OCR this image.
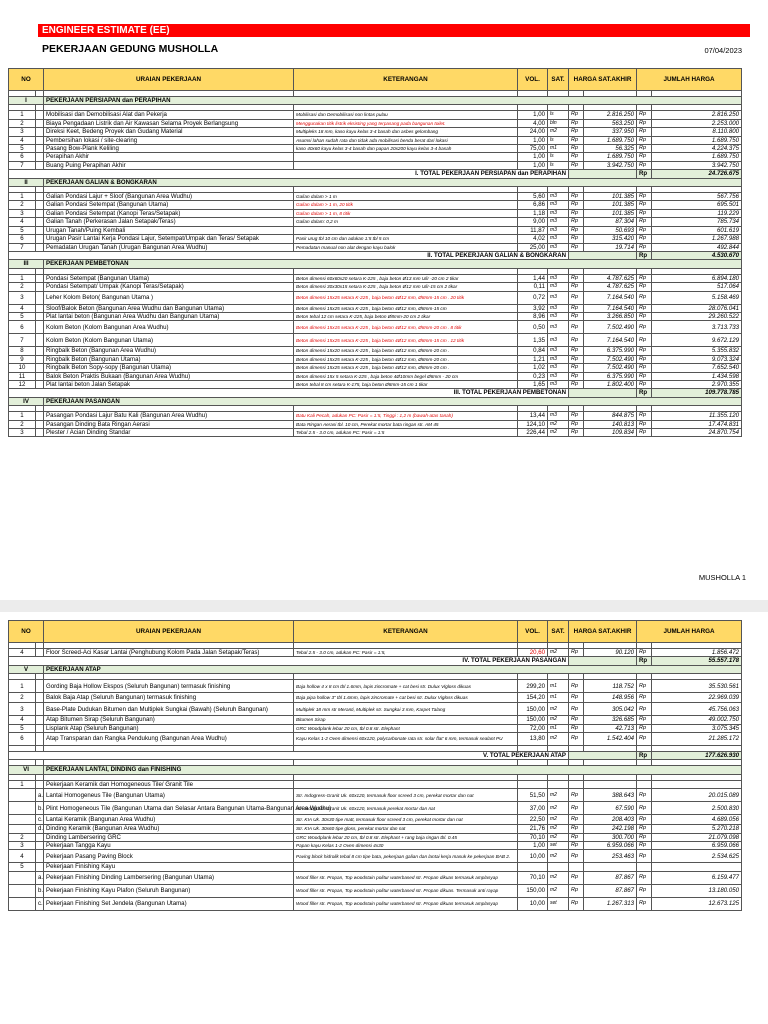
ENGINEER ESTIMATE (EE)
PEKERJAAN GEDUNG MUSHOLLA	07/04/2023
NO		URAIAN PEKERJAAN	KETERANGAN	VOL.	SAT.	HARGA SAT.AKHIR		JUMLAH HARGA	

I		PEKERJAAN PERSIAPAN dan PERAPIHAN							

1		Mobilisasi dan Demobilisasi Alat dan Pekerja	Mobilisasi dan Demobilisasi non lintas pulau	1,00	ls	Rp	2.816.250	Rp	2.816.250
2		Biaya Pengadaan Listrik dan Air Kawasan Selama Proyek Berlangsung	Menggunakan titik listrik eksisting yang terpasang pada bangunan toilet.	4,00	bln	Rp	563.250	Rp	2.253.000
3		Direksi Keet, Bedeng Proyek dan Gudang Material	Multipleks 18 mm, kaso kayu kelas 3-4 basah dan asbes gelombang	24,00	m2	Rp	337.950	Rp	8.110.800
4		Pembersihan lokasi / site-clearing	Asumsi lahan sudah rata dan tidak ada mobilisasi benda berat dari lokasi	1,00	ls	Rp	1.689.750	Rp	1.689.750
5		Pasang Bow-Plank Keliling	kaso 40x60 kayu kelas 3-4 basah dan papan 20x200 kayu kelas 3-4 basah	75,00	m1	Rp	56.325	Rp	4.224.375
6		Perapihan Akhir		1,00	ls	Rp	1.689.750	Rp	1.689.750
7		Buang Puing Perapihan Akhir		1,00	ls	Rp	3.942.750	Rp	3.942.750
I. TOTAL PEKERJAAN PERSIAPAN dan PERAPIHAN								Rp	24.726.675
II		PEKERJAAN GALIAN & BONGKARAN							

1		Galian Pondasi Lajur + Sloof (Bangunan Area Wudhu)	Galian dalam > 1 m	5,60	m3	Rp	101.385	Rp	567.756
2		Galian Pondasi Setempat (Bangunan Utama)	Galian dalam > 1 m, 20 titik	6,86	m3	Rp	101.385	Rp	695.501
3		Galian Pondasi Setempat (Kanopi Teras/Setapak)	Galian dalam > 1 m, 8 titik	1,18	m3	Rp	101.385	Rp	119.229
4		Galian Tanah (Perkerasan Jalan Setapak/Teras)	Galian dalam: 0,2 m	9,00	m3	Rp	87.304	Rp	785.734
5		Urugan Tanah/Puing Kembali		11,87	m3	Rp	50.693	Rp	601.619
6		Urugan Pasir Lantai Kerja Pondasi Lajur, Setempat/Umpak dan Teras/ Setapak	Pasir urug tbl 10 cm dan adukan 1:5 tbl 5 cm	4,02	m3	Rp	315.420	Rp	1.267.988
7		Pemadatan Urugan Tanah (Urugan Bangunan Area Wudhu)	Pemadatan manual non alat dengan kayu balok	25,00	m3	Rp	19.714	Rp	492.844
II. TOTAL PEKERJAAN GALIAN & BONGKARAN								Rp	4.530.670
III		PEKERJAAN PEMBETONAN							

1		Pondasi Setempat (Bangunan Utama)	Beton dimensi 60x60x20 setara K-225 , baja beton Ø13 mm Ulir -20 cm 2 tikar	1,44	m3	Rp	4.787.625	Rp	6.894.180
2		Pondasi Setempat/ Umpak (Kanopi Teras/Setapak)	Beton dimensi 30x30x15 setara K-225 , baja beton Ø12 mm Ulir-15 cm 2 tikar	0,11	m3	Rp	4.787.625	Rp	517.064
3		Leher Kolom Beton( Bangunan Utama )	Beton dimensi 15x25 setara K-225 , baja beton 4Ø12 mm, Ø8mm-15 cm . 20 titik	0,72	m3	Rp	7.164.540	Rp	5.158.469
4		Sloof/Balok Beton (Bangunan Area Wudhu dan Bangunan Utama)	Beton dimensi 15x25 setara K-225 , baja beton 4Ø12 mm, Ø8mm-15 cm	3,92	m3	Rp	7.164.540	Rp	28.076.041
5		Plat lantai beton (Bangunan Area Wudhu dan Bangunan Utama)	Beton tebal 12 cm setara K-225, baja beton Ø8mm-20 cm 2 tikar	8,96	m3	Rp	3.266.850	Rp	29.260.522
6		Kolom Beton (Kolom Bangunan Area Wudhu)	Beton dimensi 15x15 setara K-225 , baja beton 4Ø12 mm, Ø8mm-20 cm . 8 titik	0,50	m3	Rp	7.502.490	Rp	3.713.733
7		Kolom Beton (Kolom Bangunan Utama)	Beton dimensi 15x25 setara K-225 , baja beton 4Ø12 mm, Ø8mm-15 cm . 12 titik	1,35	m3	Rp	7.164.540	Rp	9.672.129
8		Ringbalk Beton (Bangunan Area Wudhu)	Beton dimensi 15x20 setara K-225 , baja beton 4Ø12 mm, Ø8mm-20 cm .	0,84	m3	Rp	6.375.990	Rp	5.355.832
9		Ringbalk Beton (Bangunan Utama)	Beton dimensi 15x25 setara K-225 , baja beton 4Ø12 mm, Ø8mm-20 cm .	1,21	m3	Rp	7.502.490	Rp	9.073.324
10		Ringbalk Beton Sopy-sopy (Bangunan Utama)	Beton dimensi 15x25 setara K-225 , baja beton 4Ø12 mm, Ø8mm-20 cm .	1,02	m3	Rp	7.502.490	Rp	7.652.540
11		Balok Beton Praktis Bukaan (Bangunan Area Wudhu)	Beton dimensi 15x 5 setara K-225 , baja beton 4Ø10mm begel Ø8mm - 20 cm	0,23	m3	Rp	6.375.990	Rp	1.434.598
12		Plat lantai beton Jalan Setapak	Beton tebal 8 cm setara K-175, baja beton Ø8mm-15 cm 1 tikar	1,65	m3	Rp	1.802.400	Rp	2.970.355
III. TOTAL PEKERJAAN PEMBETONAN								Rp	109.778.785
IV		PEKERJAAN PASANGAN							

1		Pasangan Pondasi Lajur Batu Kali (Bangunan Area Wudhu)	Batu Kali Pecah, adukan PC: Pasir = 1:5, Tinggi : 1,2 m (bawah-atas tanah)	13,44	m3	Rp	844.875	Rp	11.355.120
2		Pasangan Dinding Bata Ringan Aerasi	Bata Ringan Aerasi tbl. 10 cm, Perekat mortar bata ringan str. AM 45	124,10	m2	Rp	140.813	Rp	17.474.831
3		Plester / Acian Dinding Standar	Tebal 2.5 - 3.0 cm, adukan PC: Pasir = 1:5	226,44	m2	Rp	109.834	Rp	24.870.754
MUSHOLLA 1
NO		URAIAN PEKERJAAN	KETERANGAN	VOL.	SAT.	HARGA SAT.AKHIR		JUMLAH HARGA	

4		Floor Screed-Aci Kasar Lantai (Penghubung Kolom Pada Jalan Setapak/Teras)	Tebal 2.5 - 3.0 cm, adukan PC: Pasir = 1:5,	20,60	m2	Rp	90.120	Rp	1.856.472
IV. TOTAL PEKERJAAN PASANGAN								Rp	55.557.178
V		PEKERJAAN ATAP							

1		Gording Baja Hollow Ekspos (Seluruh Bangunan) termasuk finishing	Baja hollow 4 x 8 cm tbl 1.6mm, lapis zincromate + cat besi str. Dulux Vigloss dikuas	299,20	m1	Rp	118.752	Rp	35.530.561
2		Balok Baja Atap (Seluruh Bangunan) termasuk finishing	Baja pipa hollow 3" tbl 1.6mm, lapis zincromate + cat besi str. Dulux Vigloss dikuas	154,20	m1	Rp	148.956	Rp	22.969.039
3		Base-Plate Dudukan Bitumen dan Multiplek Sungkai (Bawah) (Seluruh Bangunan)	Multiplek 18 mm str Meranti, Multiplek str. Sungkai 3 mm, Karpet Talang	150,00	m2	Rp	305.042	Rp	45.756.063
4		Atap Bitumen Sirap (Seluruh Bangunan)	Bitumen Sirap	150,00	m2	Rp	326.685	Rp	49.002.750
5		Lisplank Atap (Seluruh Bangunan)	GRC Woodplank lebar 20 cm, tbl 0.8 str. Elephant	72,00	m1	Rp	42.713	Rp	3.075.345
6		Atap Transparan dan Rangka Pendukung (Bangunan Area Wudhu)	Kayu Kelas 1-2 Oven dimensi 60x120, polycarbonate rata str. solar flat' 6 mm, termasuk sealant PU	13,80	m2	Rp	1.542.404	Rp	21.285.172

V. TOTAL PEKERJAAN ATAP								Rp	177.626.930

VI		PEKERJAAN LANTAI, DINDING dan FINISHING							

1		Pekerjaan Keramik dan Homogeneous Tile/ Granit Tile							
	a.	Lantai Homogeneus Tile (Bangunan Utama)	Str. Indogress-Granit Uk. 60x120, termasuk floor screed 3 cm, perekat mortar dan nat	51,50	m2	Rp	388.643	Rp	20.015.089
	b.	Plint Homogeneous Tile (Bangunan Utama dan Selasar Antara Bangunan Utama-Bangunan Area Wudhu)	Str. Indogress-Granit Uk. 60x120, termasuk perekat mortar dan nat	37,00	m2	Rp	67.590	Rp	2.500.830
	c.	Lantai Keramik (Bangunan Area Wudhu)	Str. KIA Uk. 30x30 tipe matt, termasuk floor screed 3 cm, perekat mortar dan nat	22,50	m2	Rp	208.403	Rp	4.689.056
	d.	Dinding Keramik (Bangunan Area Wudhu)	Str. KIA Uk. 30x60 tipe gloss, perekat mortar dan nat	21,76	m2	Rp	242.198	Rp	5.270.218
2		Dinding Lambersering GRC	GRC Woodplank lebar 20 cm, tbl 0.8 str. Elephant + rang baja ringan tbl. 0.45	70,10	m2	Rp	300.700	Rp	21.079.098
3		Pekerjaan Tangga Kayu	Papan kayu Kelas 1-2 Oven dimensi 4x30	1,00	set	Rp	6.959.066	Rp	6.959.066
4		Pekerjaan Pasang Paving Block	Paving block hidrolik tebal 8 cm tipe bata, pekerjaan galian dan lantai kerja masuk ke pekerjaan BAB 2.	10,00	m2	Rp	253.463	Rp	2.534.625
5		Pekerjaan Finishing Kayu							
	a.	Pekerjaan Finishing Dinding Lambersering (Bangunan Utama)	Wood filler str. Propan, Top woodstain politur waterbased str. Propan dikuas termasuk amplasyap	70,10	m2	Rp	87.867	Rp	6.159.477
	b.	Pekerjaan Finishing Kayu Plafon (Seluruh Bangunan)	Wood filler str. Propan, Top woodstain politur waterbased str. Propan dikuas. Termasuk anti rayap	150,00	m2	Rp	87.867	Rp	13.180.050
	c.	Pekerjaan Finishing Set Jendela (Bangunan Utama)	Wood filler str. Propan, Top woodstain politur waterbased str. Propan dikuas termasuk amplasyap	10,00	set	Rp	1.267.313	Rp	12.673.125
